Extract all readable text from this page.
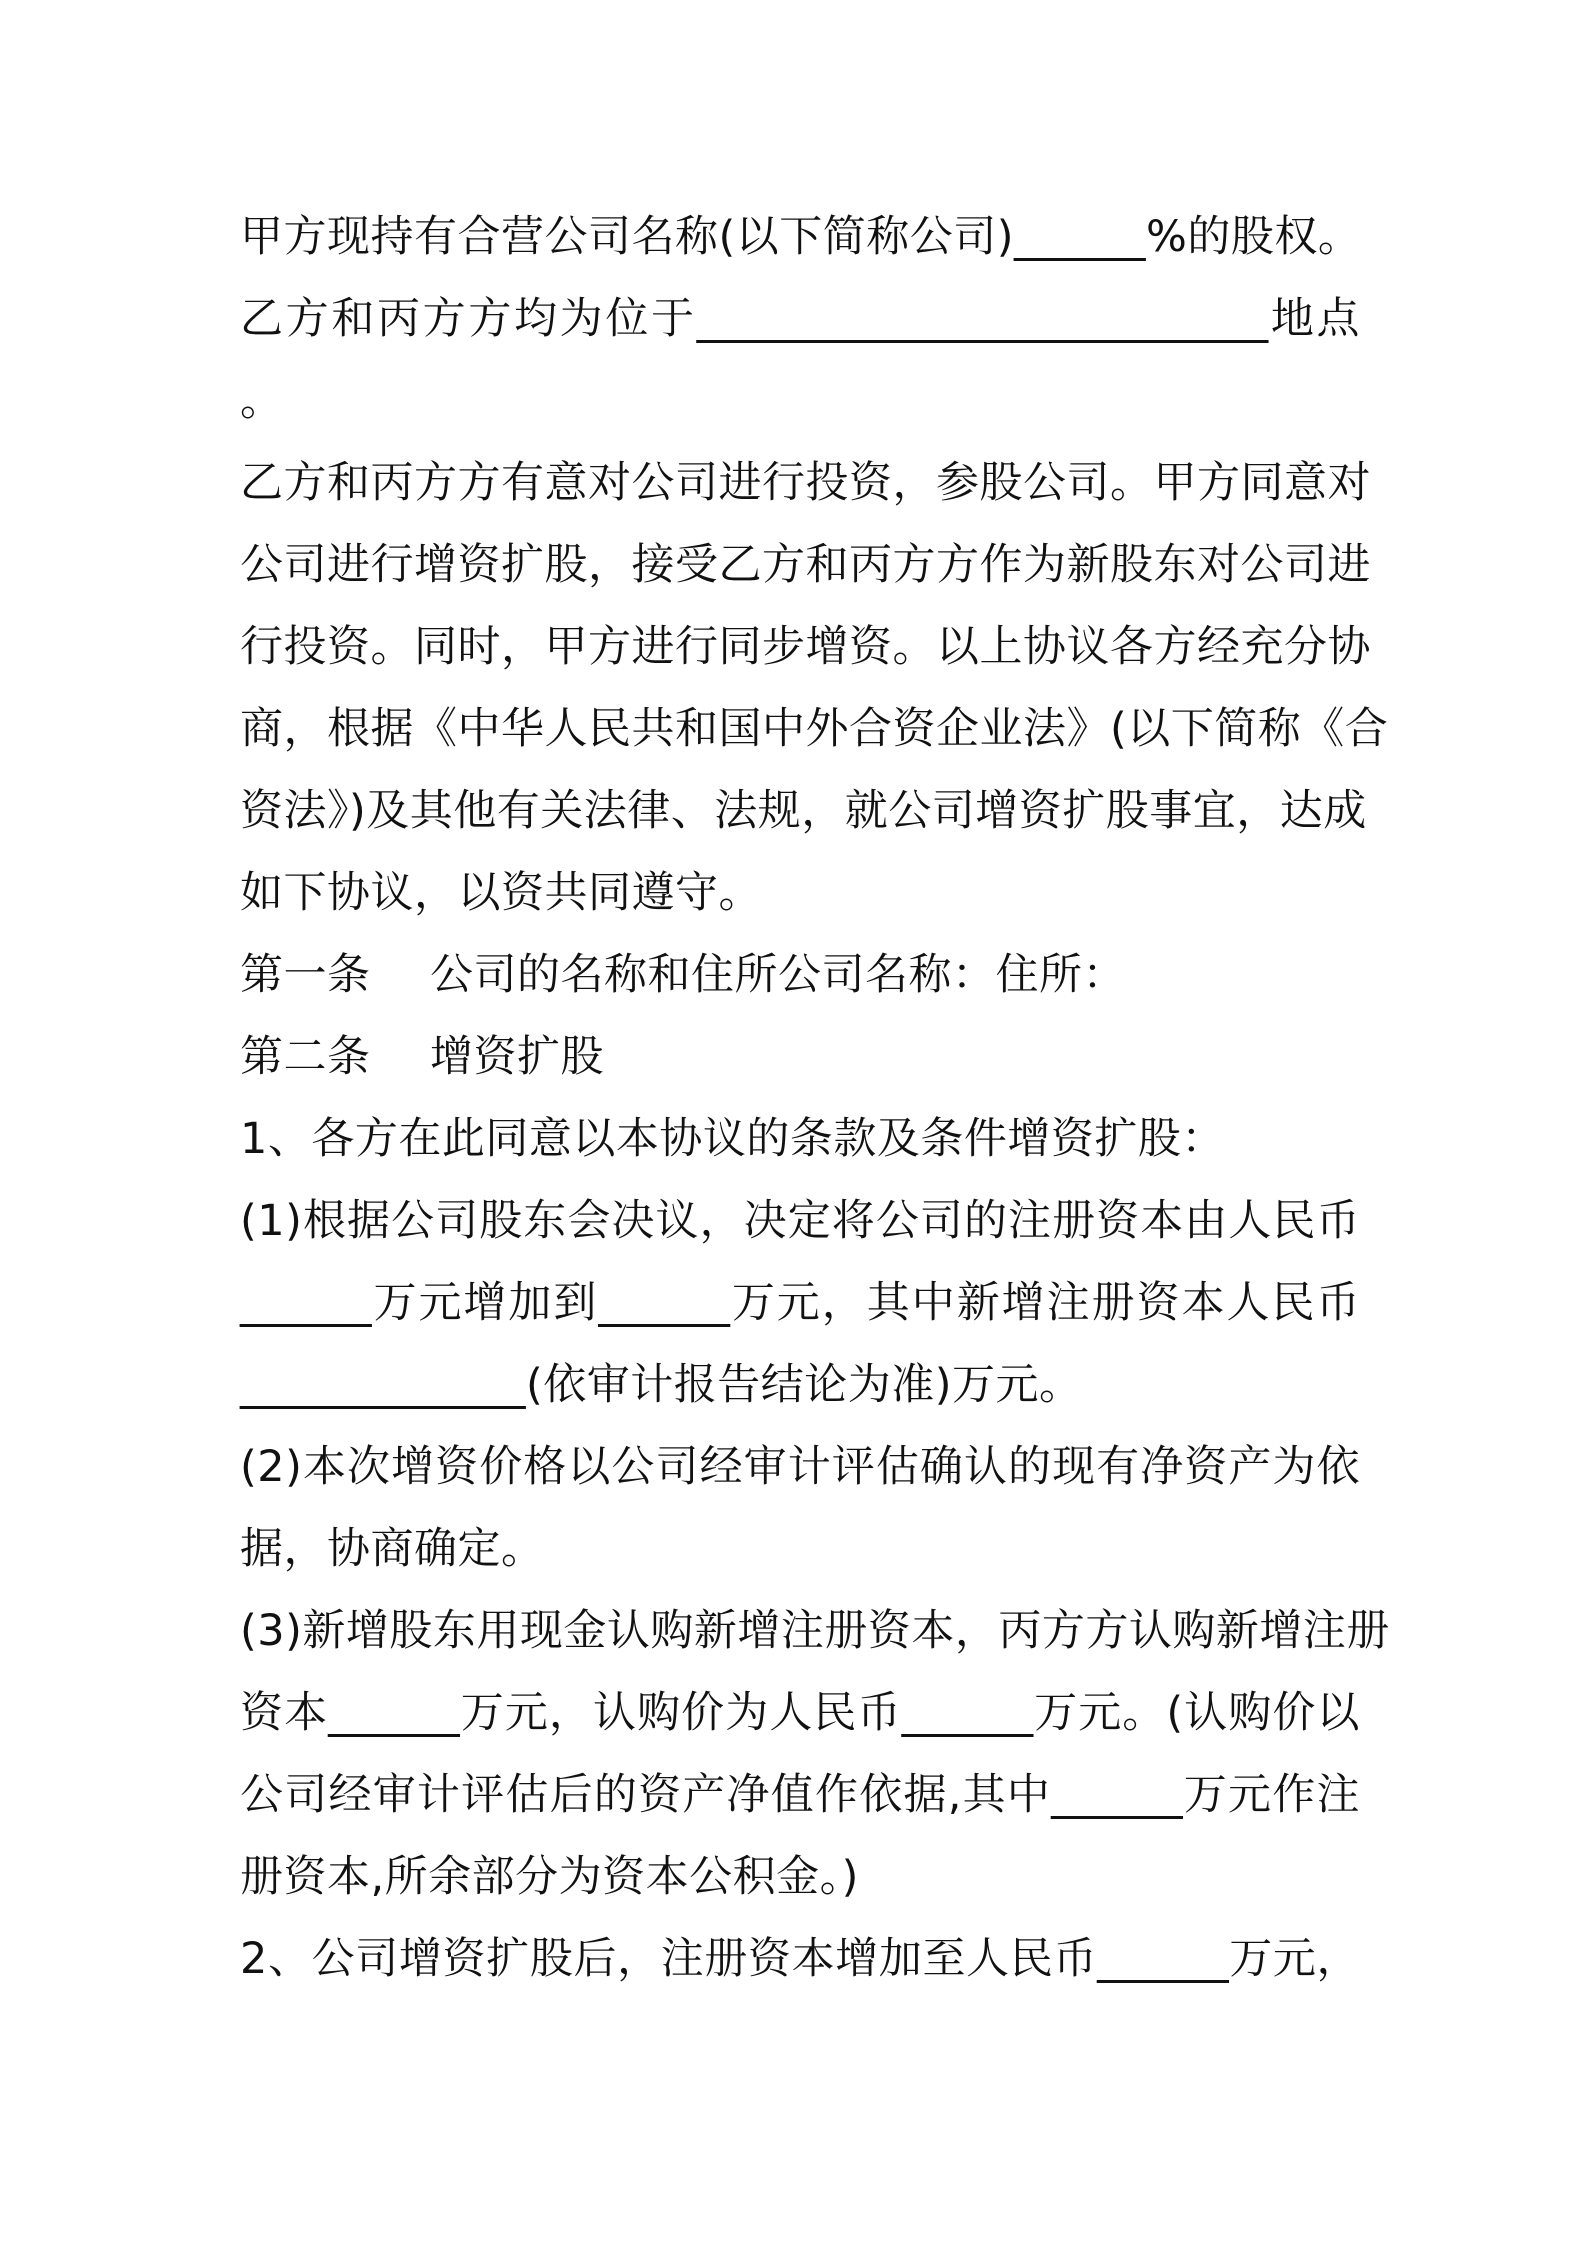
甲方现持有合营公司名称(以下简称公司)______%的股权。
乙方和丙方方均为位于__________________________地点
。
乙方和丙方方有意对公司进行投资，参股公司。甲方同意对
公司进行增资扩股，接受乙方和丙方方作为新股东对公司进
行投资。同时，甲方进行同步增资。以上协议各方经充分协
商，根据《中华人民共和国中外合资企业法》(以下简称《合
资法》)及其他有关法律、法规，就公司增资扩股事宜，达成
如下协议，以资共同遵守。
第一条	公司的名称和住所公司名称：住所：
第二条	增资扩股
1、各方在此同意以本协议的条款及条件增资扩股：
(1)根据公司股东会决议，决定将公司的注册资本由人民币
______万元增加到______万元，其中新增注册资本人民币
_____________(依审计报告结论为准)万元。
(2)本次增资价格以公司经审计评估确认的现有净资产为依
据，协商确定。
(3)新增股东用现金认购新增注册资本，丙方方认购新增注册
资本______万元，认购价为人民币______万元。(认购价以
公司经审计评估后的资产净值作依据,其中______万元作注
册资本,所余部分为资本公积金。)
2、公司增资扩股后，注册资本增加至人民币______万元，
